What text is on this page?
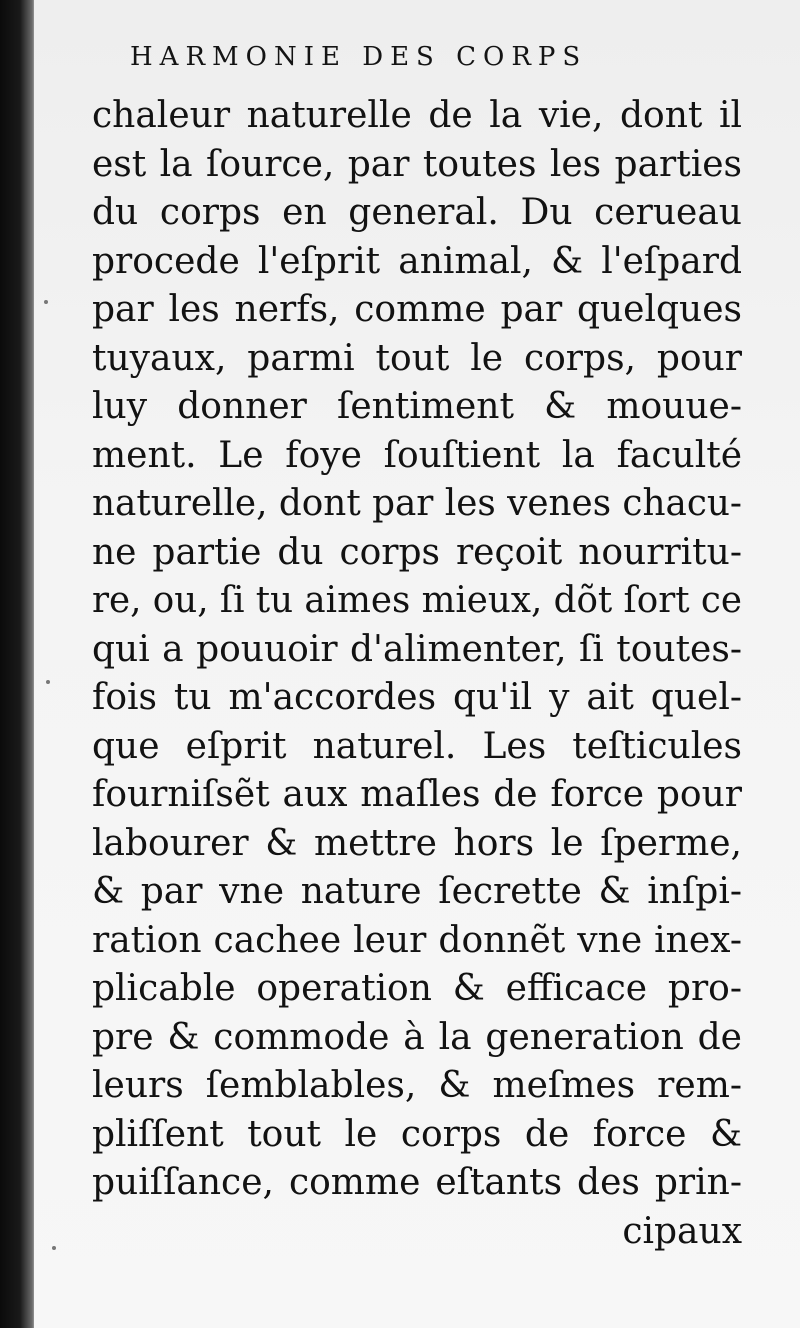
HARMONIE DES CORPS
chaleur naturelle de la vie, dont il
est la ſource, par toutes les parties
du corps en general. Du cerueau
procede l'eſprit animal, & l'eſpard
par les nerfs, comme par quelques
tuyaux, parmi tout le corps, pour
luy donner ſentiment & mouue-
ment. Le foye ſouſtient la faculté
naturelle, dont par les venes chacu-
ne partie du corps reçoit nourritu-
re, ou, ſi tu aimes mieux, dõt ſort ce
qui a pouuoir d'alimenter, ſi toutes-
fois tu m'accordes qu'il y ait quel-
que eſprit naturel. Les teſticules
fourniſsẽt aux maſles de force pour
labourer & mettre hors le ſperme,
& par vne nature ſecrette & inſpi-
ration cachee leur donnẽt vne inex-
plicable operation & efficace pro-
pre & commode à la generation de
leurs ſemblables, & meſmes rem-
pliſſent tout le corps de force &
puiſſance, comme eſtants des prin-
cipaux
